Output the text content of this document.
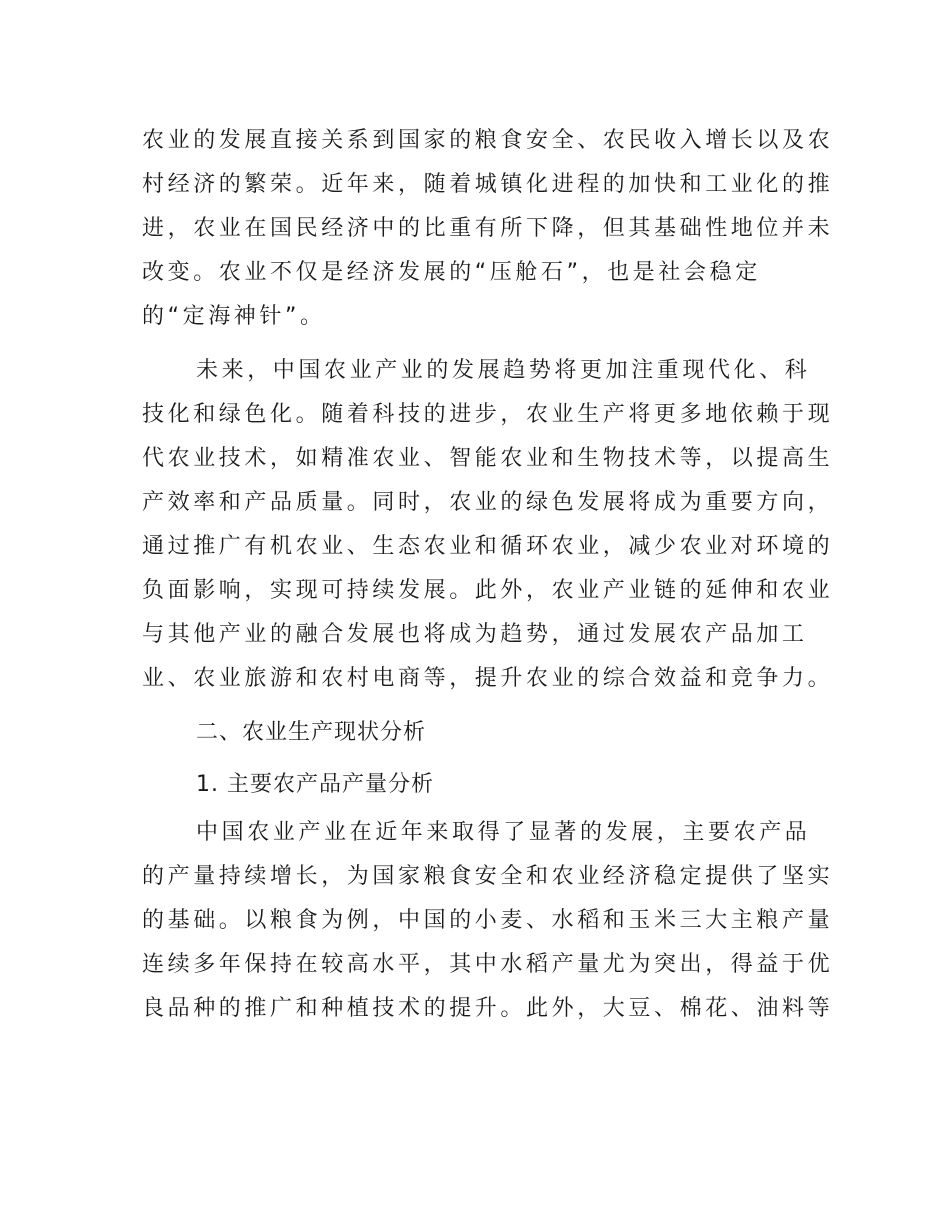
农业的发展直接关系到国家的粮食安全、农民收入增长以及农
村经济的繁荣。近年来，随着城镇化进程的加快和工业化的推
进，农业在国民经济中的比重有所下降，但其基础性地位并未
改变。农业不仅是经济发展的“压舱石”，也是社会稳定
的“定海神针”。
未来，中国农业产业的发展趋势将更加注重现代化、科
技化和绿色化。随着科技的进步，农业生产将更多地依赖于现
代农业技术，如精准农业、智能农业和生物技术等，以提高生
产效率和产品质量。同时，农业的绿色发展将成为重要方向，
通过推广有机农业、生态农业和循环农业，减少农业对环境的
负面影响，实现可持续发展。此外，农业产业链的延伸和农业
与其他产业的融合发展也将成为趋势，通过发展农产品加工
业、农业旅游和农村电商等，提升农业的综合效益和竞争力。
二、农业生产现状分析
1. 主要农产品产量分析
中国农业产业在近年来取得了显著的发展，主要农产品
的产量持续增长，为国家粮食安全和农业经济稳定提供了坚实
的基础。以粮食为例，中国的小麦、水稻和玉米三大主粮产量
连续多年保持在较高水平，其中水稻产量尤为突出，得益于优
良品种的推广和种植技术的提升。此外，大豆、棉花、油料等
